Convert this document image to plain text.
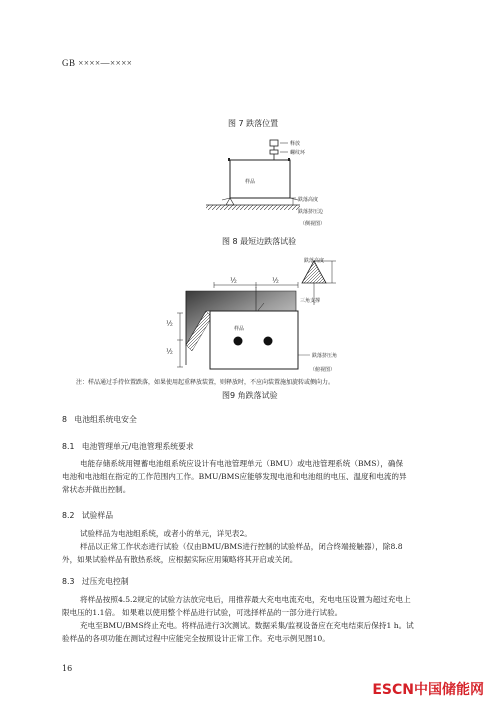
GB ××××—××××
图 7 跌落位置
释放
螺纹环
样品
跌落高度
跌落挤压边
（侧视图）
图 8 最短边跌落试验
跌落高度
½	½
三角支撑
½
½
样品
跌落挤压角
（俯视图）
注：样品通过手持位置跌落，如果使用起重释放装置，则释放时，不应向装置施加旋转或侧向力。
图9 角跌落试验
8 电池组系统电安全
8.1 电池管理单元/电池管理系统要求
电能存储系统用锂蓄电池组系统应设计有电池管理单元（BMU）或电池管理系统（BMS），确保
电池和电池组在指定的工作范围内工作。BMU/BMS应能够发现电池和电池组的电压、温度和电流的异
常状态并做出控制。
8.2 试验样品
试验样品为电池组系统，或者小的单元，详见表2。
样品以正常工作状态进行试验（仅由BMU/BMS进行控制的试验样品，闭合终端接触器），除8.8
外，如果试验样品有散热系统，应根据实际应用策略将其开启或关闭。
8.3 过压充电控制
将样品按照4.5.2规定的试验方法放完电后，用推荐最大充电电流充电，充电电压设置为超过充电上
限电压的1.1倍。 如果难以使用整个样品进行试验，可选择样品的一部分进行试验。
充电至BMU/BMS终止充电。将样品进行3次测试。数据采集/监视设备应在充电结束后保持1 h。试
验样品的各项功能在测试过程中应能完全按照设计正常工作。充电示例见图10。
16
ESCN中国储能网
